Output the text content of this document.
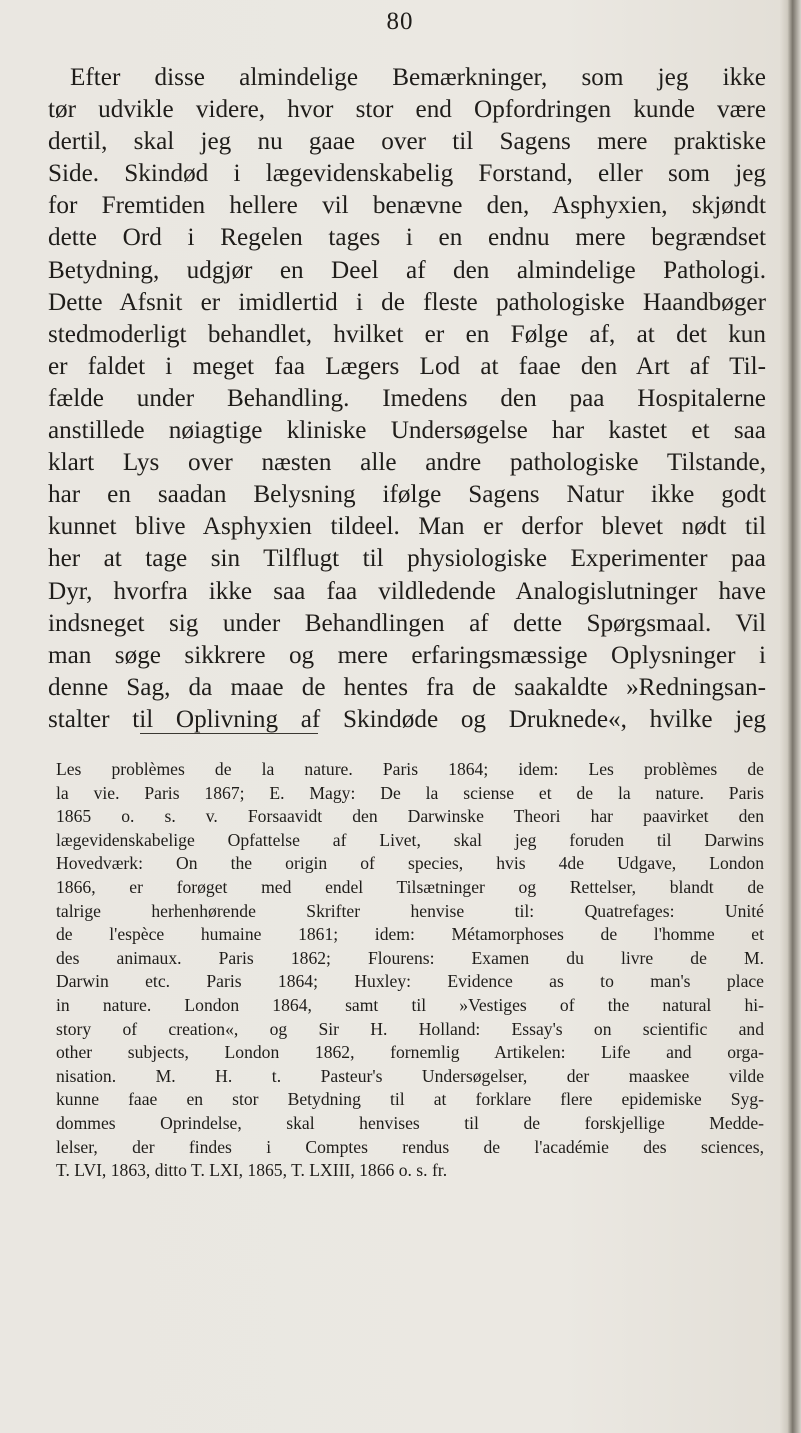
80
Efter disse almindelige Bemærkninger, som jeg ikke
tør udvikle videre, hvor stor end Opfordringen kunde være
dertil, skal jeg nu gaae over til Sagens mere praktiske
Side. Skindød i lægevidenskabelig Forstand, eller som jeg
for Fremtiden hellere vil benævne den, Asphyxien, skjøndt
dette Ord i Regelen tages i en endnu mere begrændset
Betydning, udgjør en Deel af den almindelige Pathologi.
Dette Afsnit er imidlertid i de fleste pathologiske Haandbøger
stedmoderligt behandlet, hvilket er en Følge af, at det kun
er faldet i meget faa Lægers Lod at faae den Art af Til-
fælde under Behandling. Imedens den paa Hospitalerne
anstillede nøiagtige kliniske Undersøgelse har kastet et saa
klart Lys over næsten alle andre pathologiske Tilstande,
har en saadan Belysning ifølge Sagens Natur ikke godt
kunnet blive Asphyxien tildeel. Man er derfor blevet nødt til
her at tage sin Tilflugt til physiologiske Experimenter paa
Dyr, hvorfra ikke saa faa vildledende Analogislutninger have
indsneget sig under Behandlingen af dette Spørgsmaal. Vil
man søge sikkrere og mere erfaringsmæssige Oplysninger i
denne Sag, da maae de hentes fra de saakaldte »Redningsan-
stalter til Oplivning af Skindøde og Druknede«, hvilke jeg
Les problèmes de la nature. Paris 1864; idem: Les problèmes de
la vie. Paris 1867; E. Magy: De la sciense et de la nature. Paris
1865 o. s. v. Forsaavidt den Darwinske Theori har paavirket den
lægevidenskabelige Opfattelse af Livet, skal jeg foruden til Darwins
Hovedværk: On the origin of species, hvis 4de Udgave, London
1866, er forøget med endel Tilsætninger og Rettelser, blandt de
talrige herhenhørende Skrifter henvise til: Quatrefages: Unité
de l'espèce humaine 1861; idem: Métamorphoses de l'homme et
des animaux. Paris 1862; Flourens: Examen du livre de M.
Darwin etc. Paris 1864; Huxley: Evidence as to man's place
in nature. London 1864, samt til »Vestiges of the natural hi-
story of creation«, og Sir H. Holland: Essay's on scientific and
other subjects, London 1862, fornemlig Artikelen: Life and orga-
nisation. M. H. t. Pasteur's Undersøgelser, der maaskee vilde
kunne faae en stor Betydning til at forklare flere epidemiske Syg-
dommes Oprindelse, skal henvises til de forskjellige Medde-
lelser, der findes i Comptes rendus de l'académie des sciences,
T. LVI, 1863, ditto T. LXI, 1865, T. LXIII, 1866 o. s. fr.
